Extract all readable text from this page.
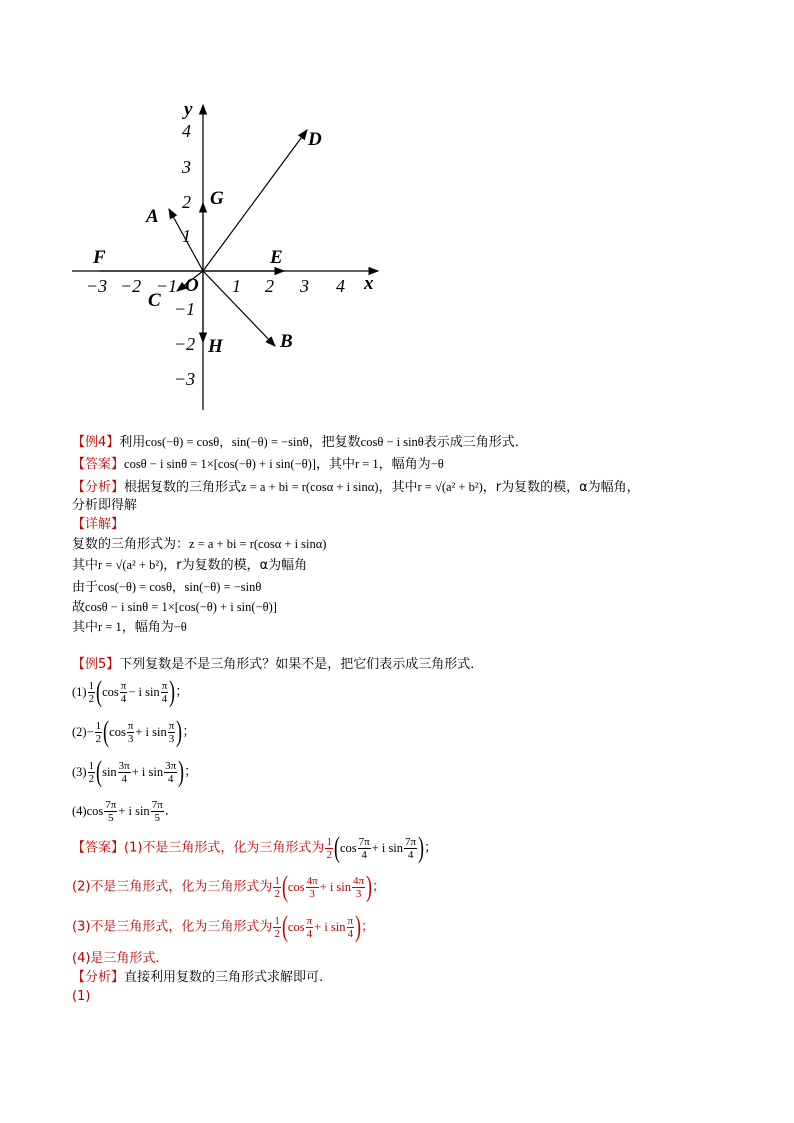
y
x
O
−3 −2 −1	1 2 3 4
4
3
2
1
−1
−2
−3
A
B
C
D
E
F
G
H
【例4】利用cos(−θ) = cosθ，sin(−θ) = −sinθ，把复数cosθ − i sinθ表示成三角形式．
【答案】cosθ − i sinθ = 1×[cos(−θ) + i sin(−θ)]，其中r = 1，幅角为−θ
【分析】根据复数的三角形式z = a + bi = r(cosα + i sinα)，其中r = √(a² + b²)，r为复数的模，α为幅角，
分析即得解
【详解】
复数的三角形式为：z = a + bi = r(cosα + i sinα)
其中r = √(a² + b²)，r为复数的模，α为幅角
由于cos(−θ) = cosθ，sin(−θ) = −sinθ
故cosθ − i sinθ = 1×[cos(−θ) + i sin(−θ)]
其中r = 1，幅角为−θ
【例5】下列复数是不是三角形式？如果不是，把它们表示成三角形式．
$(1) \frac{1}{2} (\cos \frac{\pi}{4} - i$ $\sin \frac{\pi}{4}$ )；
$(2)- \frac{1}{2} (\cos \frac{\pi}{3} + i$ $\sin \frac{\pi}{3}$ )；
$(3) \frac{1}{2} (\sin \frac{3\pi}{4} + i$ $\sin \frac{3\pi}{4}$ )；
$(4)\cos \frac{7\pi}{5} + i$ $\sin \frac{7\pi}{5}$ ．
【答案】(1)不是三角形式，化为三角形式为 $\frac{1}{2} (\cos \frac{7\pi}{4} + i$ $\sin \frac{7\pi}{4}$ )；
(2)不是三角形式，化为三角形式为 $\frac{1}{2} (\cos \frac{4\pi}{3} + i$ $\sin \frac{4\pi}{3}$ )；
(3)不是三角形式，化为三角形式为 $\frac{1}{2} (\cos \frac{\pi}{4} + i$ $\sin \frac{\pi}{4}$ )；
(4)是三角形式.
【分析】直接利用复数的三角形式求解即可.
(1)
